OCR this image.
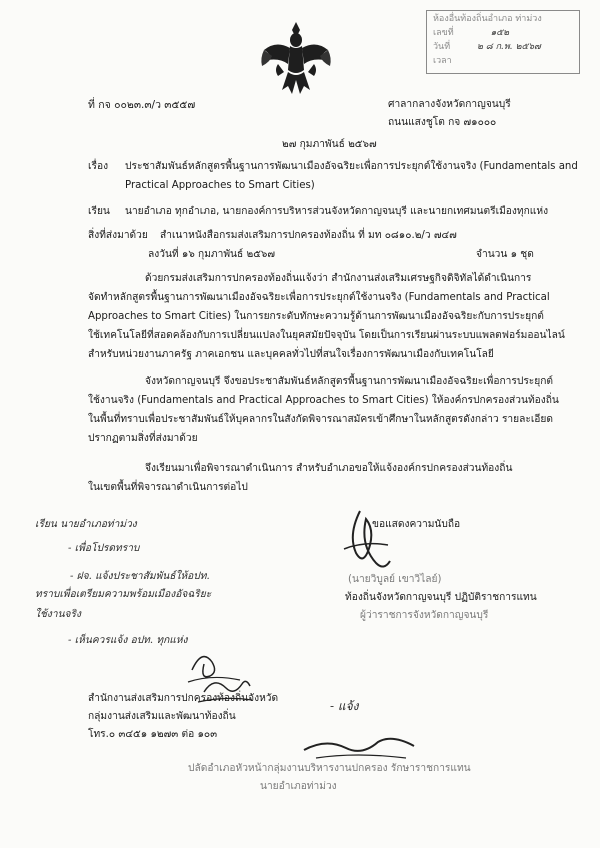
ห้องอื่นท้องถิ่นอำเภอ ท่าม่วง
เลขที่	๑๕๒
วันที่	๒ ๘ ก.พ. ๒๕๖๗
เวลา
ที่ กจ ๐๐๒๓.๓/ว ๓๕๕๗	ศาลากลางจังหวัดกาญจนบุรี
ถนนแสงชูโต กจ ๗๑๐๐๐
๒๗ กุมภาพันธ์ ๒๕๖๗
เรื่อง ประชาสัมพันธ์หลักสูตรพื้นฐานการพัฒนาเมืองอัจฉริยะเพื่อการประยุกต์ใช้งานจริง (Fundamentals and
Practical Approaches to Smart Cities)
เรียน นายอำเภอ ทุกอำเภอ, นายกองค์การบริหารส่วนจังหวัดกาญจนบุรี และนายกเทศมนตรีเมืองทุกแห่ง
สิ่งที่ส่งมาด้วย สำเนาหนังสือกรมส่งเสริมการปกครองท้องถิ่น ที่ มท ๐๘๑๐.๒/ว ๗๔๗
ลงวันที่ ๑๖ กุมภาพันธ์ ๒๕๖๗	จำนวน ๑ ชุด
ด้วยกรมส่งเสริมการปกครองท้องถิ่นแจ้งว่า สำนักงานส่งเสริมเศรษฐกิจดิจิทัลได้ดำเนินการ
จัดทำหลักสูตรพื้นฐานการพัฒนาเมืองอัจฉริยะเพื่อการประยุกต์ใช้งานจริง (Fundamentals and Practical
Approaches to Smart Cities) ในการยกระดับทักษะความรู้ด้านการพัฒนาเมืองอัจฉริยะกับการประยุกต์
ใช้เทคโนโลยีที่สอดคล้องกับการเปลี่ยนแปลงในยุคสมัยปัจจุบัน โดยเป็นการเรียนผ่านระบบแพลตฟอร์มออนไลน์
สำหรับหน่วยงานภาครัฐ ภาคเอกชน และบุคคลทั่วไปที่สนใจเรื่องการพัฒนาเมืองกับเทคโนโลยี
จังหวัดกาญจนบุรี จึงขอประชาสัมพันธ์หลักสูตรพื้นฐานการพัฒนาเมืองอัจฉริยะเพื่อการประยุกต์
ใช้งานจริง (Fundamentals and Practical Approaches to Smart Cities) ให้องค์กรปกครองส่วนท้องถิ่น
ในพื้นที่ทราบเพื่อประชาสัมพันธ์ให้บุคลากรในสังกัดพิจารณาสมัครเข้าศึกษาในหลักสูตรดังกล่าว รายละเอียด
ปรากฏตามสิ่งที่ส่งมาด้วย
จึงเรียนมาเพื่อพิจารณาดำเนินการ สำหรับอำเภอขอให้แจ้งองค์กรปกครองส่วนท้องถิ่น
ในเขตพื้นที่พิจารณาดำเนินการต่อไป
ขอแสดงความนับถือ
(นายวิบูลย์ เขาวิไลย์)
ท้องถิ่นจังหวัดกาญจนบุรี ปฏิบัติราชการแทน
ผู้ว่าราชการจังหวัดกาญจนบุรี
เรียน นายอำเภอท่าม่วง
- เพื่อโปรดทราบ
- ฝจ. แจ้งประชาสัมพันธ์ให้อปท.
ทราบเพื่อเตรียมความพร้อมเมืองอัจฉริยะ
ใช้งานจริง
- เห็นควรแจ้ง อปท. ทุกแห่ง
สำนักงานส่งเสริมการปกครองท้องถิ่นจังหวัด
กลุ่มงานส่งเสริมและพัฒนาท้องถิ่น
โทร.๐ ๓๔๕๑ ๑๒๗๓ ต่อ ๑๐๓
- แจ้ง
ปลัดอำเภอหัวหน้ากลุ่มงานบริหารงานปกครอง รักษาราชการแทน
นายอำเภอท่าม่วง
